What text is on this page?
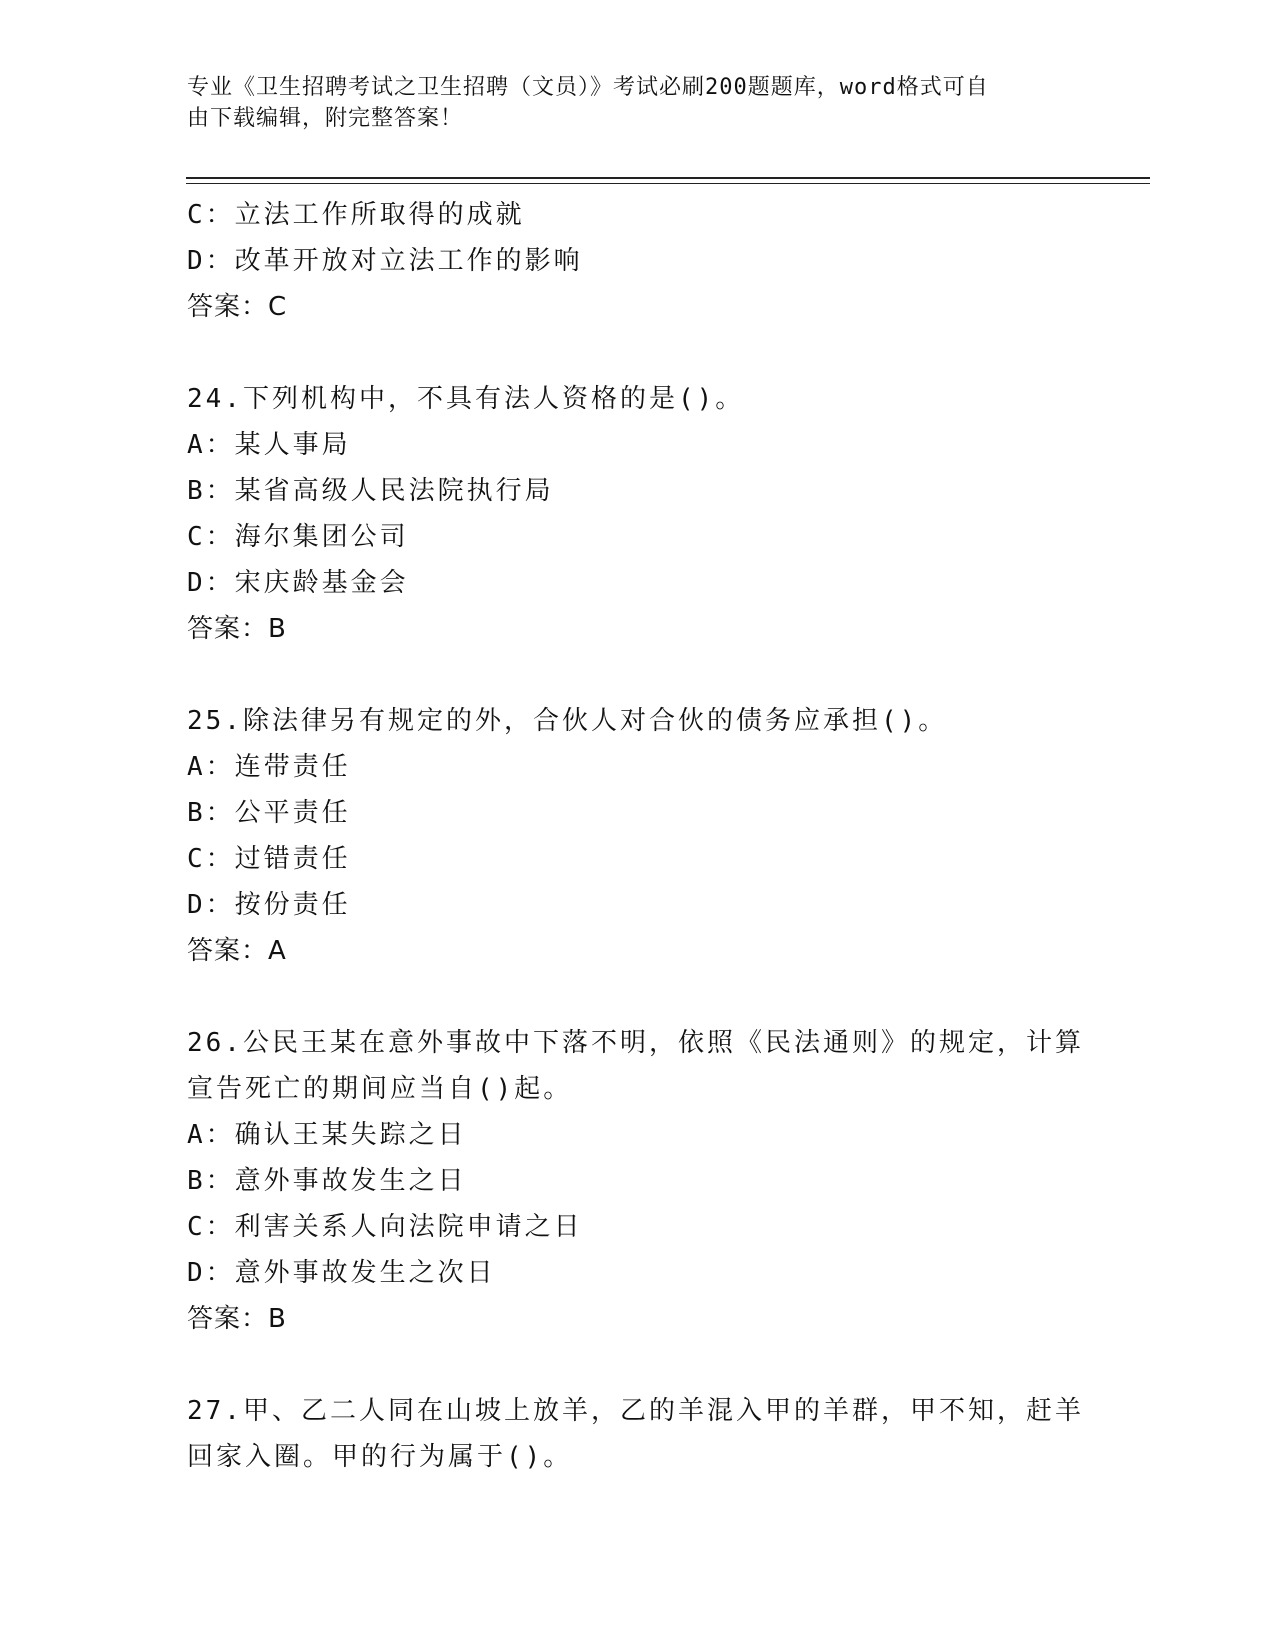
专业《卫生招聘考试之卫生招聘（文员）》考试必刷200题题库，word格式可自
由下载编辑，附完整答案！
C：立法工作所取得的成就
D：改革开放对立法工作的影响
答案：C
24.下列机构中，不具有法人资格的是()。
A：某人事局
B：某省高级人民法院执行局
C：海尔集团公司
D：宋庆龄基金会
答案：B
25.除法律另有规定的外，合伙人对合伙的债务应承担()。
A：连带责任
B：公平责任
C：过错责任
D：按份责任
答案：A
26.公民王某在意外事故中下落不明，依照《民法通则》的规定，计算
宣告死亡的期间应当自()起。
A：确认王某失踪之日
B：意外事故发生之日
C：利害关系人向法院申请之日
D：意外事故发生之次日
答案：B
27.甲、乙二人同在山坡上放羊，乙的羊混入甲的羊群，甲不知，赶羊
回家入圈。甲的行为属于()。
